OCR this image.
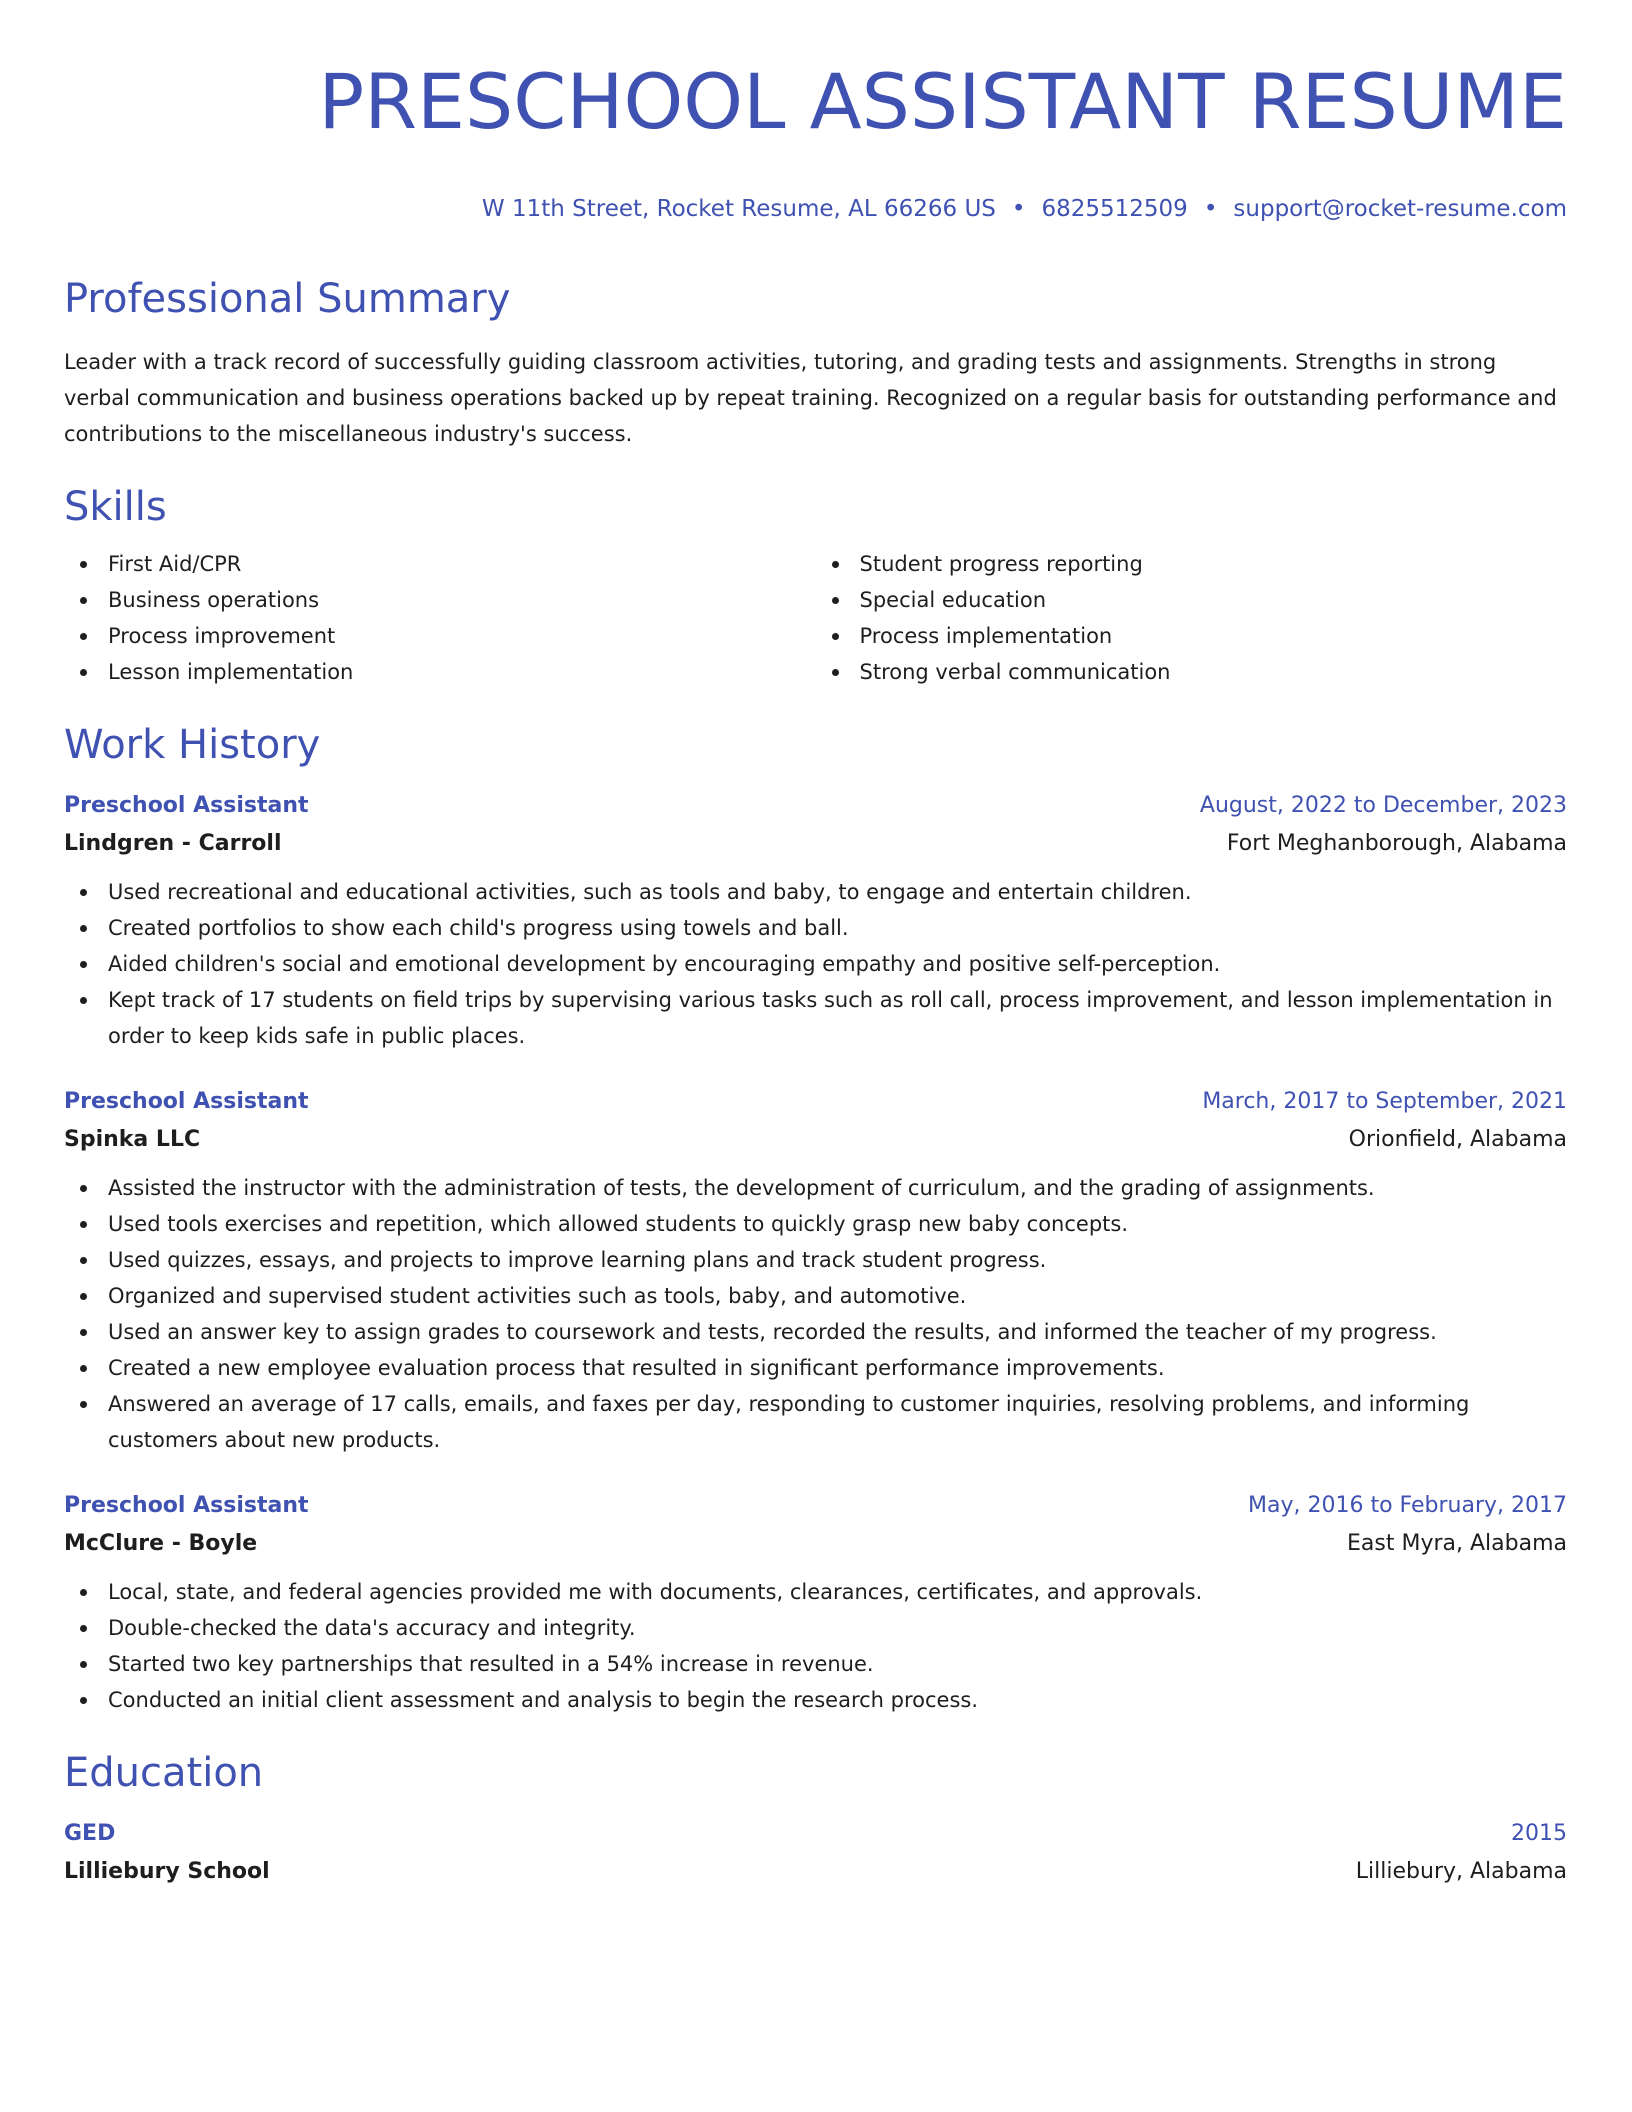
PRESCHOOL ASSISTANT RESUME
W 11th Street, Rocket Resume, AL 66266 US • 6825512509 • support@rocket-resume.com
Professional Summary

Leader with a track record of successfully guiding classroom activities, tutoring, and grading tests and assignments. Strengths in strong verbal communication and business operations backed up by repeat training. Recognized on a regular basis for outstanding performance and contributions to the miscellaneous industry's success.

Skills
First Aid/CPR
Business operations
Process improvement
Lesson implementation
Student progress reporting
Special education
Process implementation
Strong verbal communication
Work History
Preschool Assistant	August, 2022 to December, 2023
Lindgren - Carroll	Fort Meghanborough, Alabama
Used recreational and educational activities, such as tools and baby, to engage and entertain children.
Created portfolios to show each child's progress using towels and ball.
Aided children's social and emotional development by encouraging empathy and positive self-perception.
Kept track of 17 students on field trips by supervising various tasks such as roll call, process improvement, and lesson implementation in order to keep kids safe in public places.
Preschool Assistant	March, 2017 to September, 2021
Spinka LLC	Orionfield, Alabama
Assisted the instructor with the administration of tests, the development of curriculum, and the grading of assignments.
Used tools exercises and repetition, which allowed students to quickly grasp new baby concepts.
Used quizzes, essays, and projects to improve learning plans and track student progress.
Organized and supervised student activities such as tools, baby, and automotive.
Used an answer key to assign grades to coursework and tests, recorded the results, and informed the teacher of my progress.
Created a new employee evaluation process that resulted in significant performance improvements.
Answered an average of 17 calls, emails, and faxes per day, responding to customer inquiries, resolving problems, and informing customers about new products.
Preschool Assistant	May, 2016 to February, 2017
McClure - Boyle	East Myra, Alabama
Local, state, and federal agencies provided me with documents, clearances, certificates, and approvals.
Double-checked the data's accuracy and integrity.
Started two key partnerships that resulted in a 54% increase in revenue.
Conducted an initial client assessment and analysis to begin the research process.
Education
GED	2015
Lilliebury School	Lilliebury, Alabama
